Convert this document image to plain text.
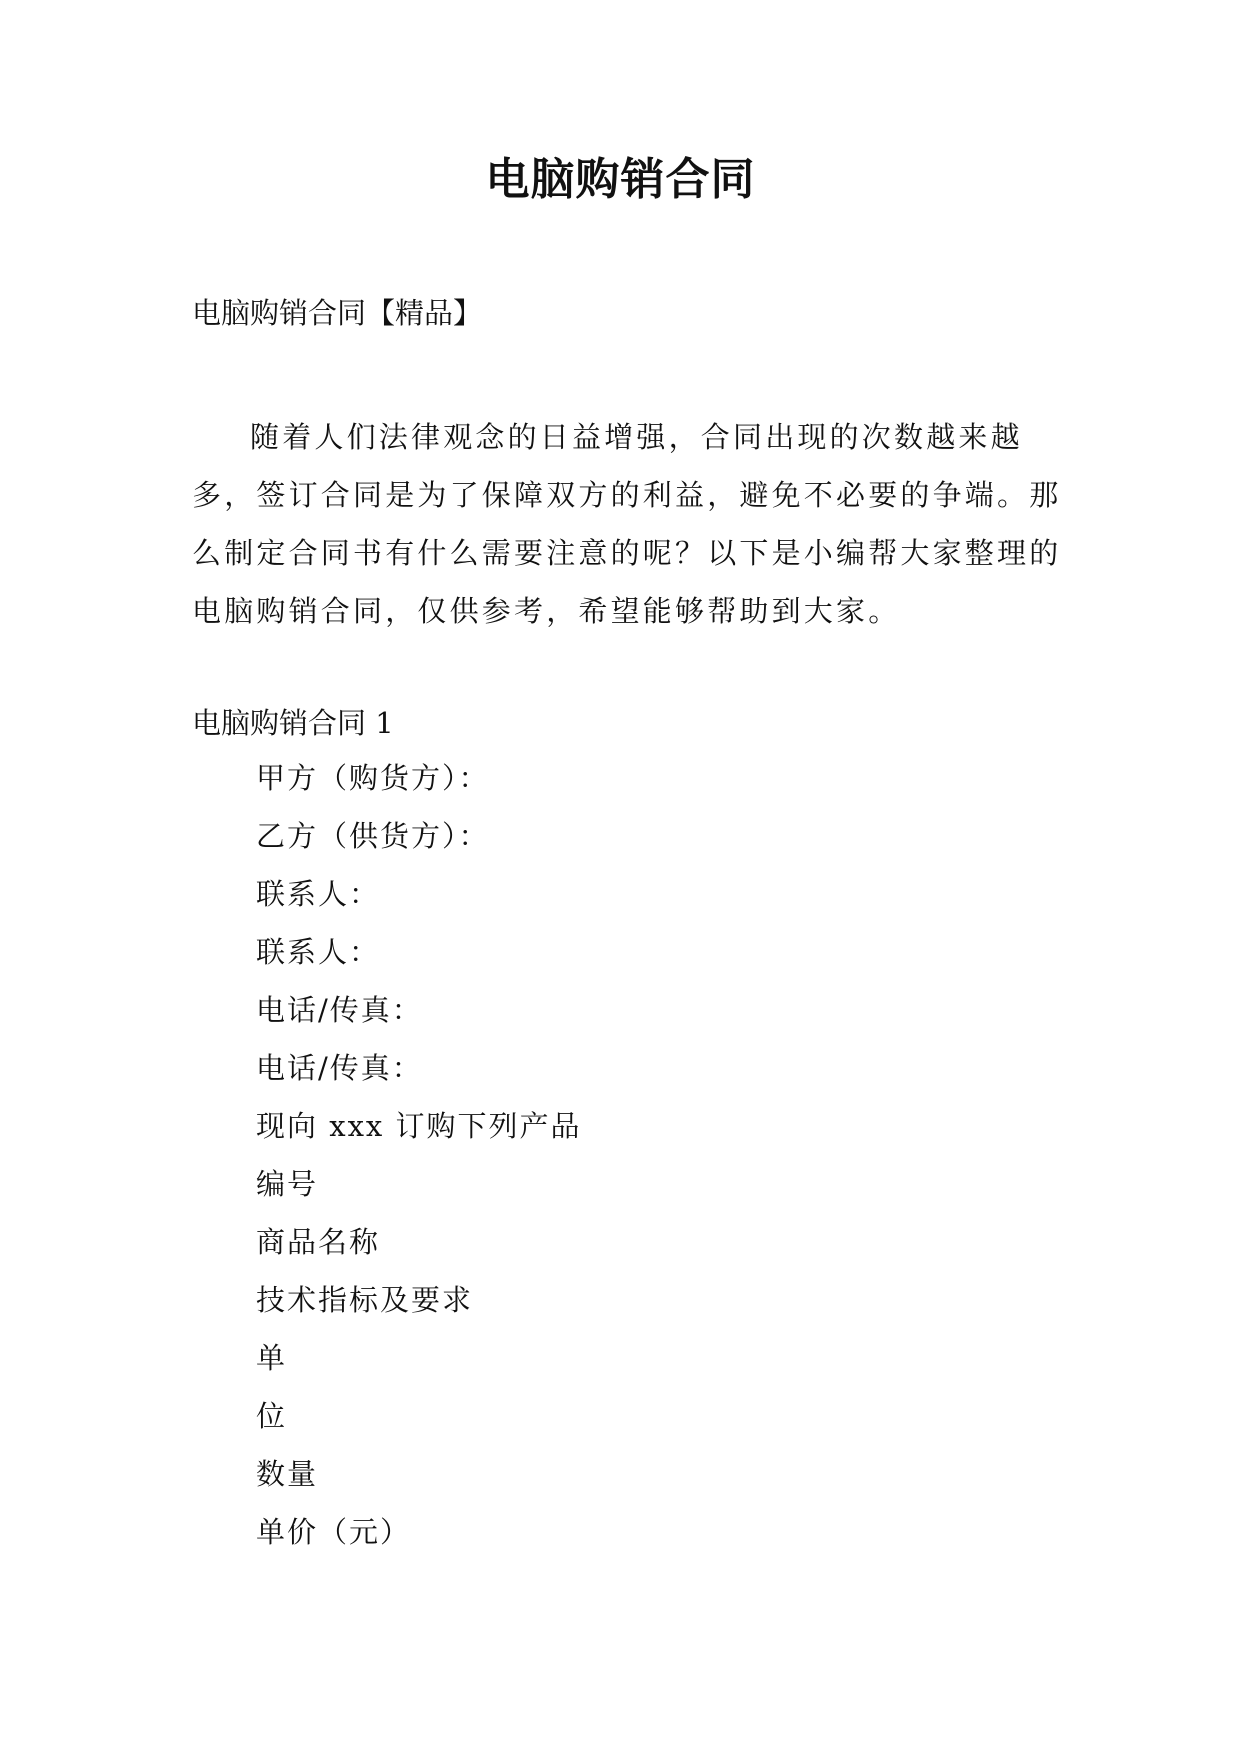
电脑购销合同
电脑购销合同【精品】

随着人们法律观念的日益增强，合同出现的次数越来越多，签订合同是为了保障双方的利益，避免不必要的争端。那么制定合同书有什么需要注意的呢？以下是小编帮大家整理的电脑购销合同，仅供参考，希望能够帮助到大家。

电脑购销合同 1
甲方（购货方）：
乙方（供货方）：
联系人：
联系人：
电话/传真：
电话/传真：
现向 xxx 订购下列产品
编号
商品名称
技术指标及要求
单
位
数量
单价（元）
